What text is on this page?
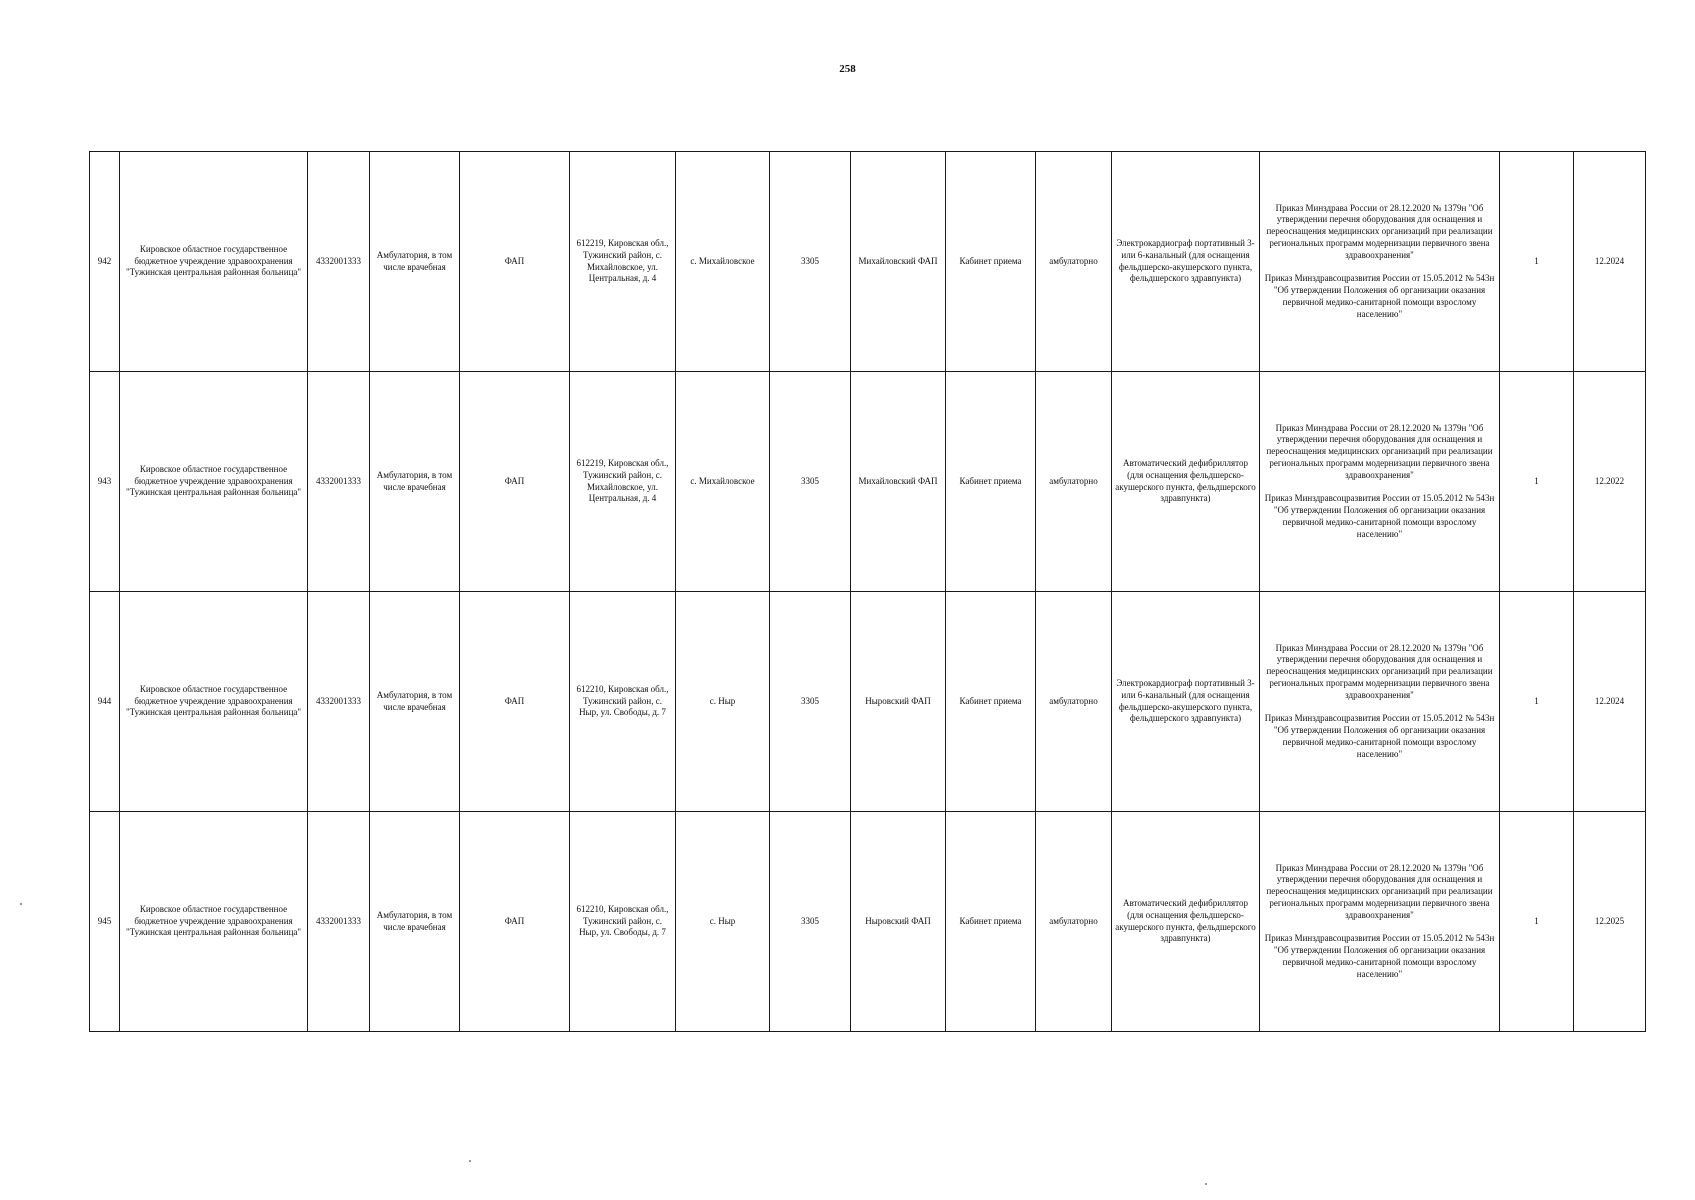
258
942	Кировское областное государственное бюджетное учреждение здравоохранения "Тужинская центральная районная больница"	4332001333	Амбулатория, в том числе врачебная	ФАП	612219, Кировская обл., Тужинский район, с. Михайловское, ул. Центральная, д. 4	с. Михайловское	3305	Михайловский ФАП	Кабинет приема	амбулаторно	Электрокардиограф портативный 3- или 6-канальный (для оснащения фельдшерско-акушерского пункта, фельдшерского здравпункта)	Приказ Минздрава России от 28.12.2020 № 1379н "Об утверждении перечня оборудования для оснащения и переоснащения медицинских организаций при реализации региональных программ модернизации первичного звена здравоохранения"
Приказ Минздравсоцразвития России от 15.05.2012 № 543н "Об утверждении Положения об организации оказания первичной медико-санитарной помощи взрослому населению"	1	12.2024
943	Кировское областное государственное бюджетное учреждение здравоохранения "Тужинская центральная районная больница"	4332001333	Амбулатория, в том числе врачебная	ФАП	612219, Кировская обл., Тужинский район, с. Михайловское, ул. Центральная, д. 4	с. Михайловское	3305	Михайловский ФАП	Кабинет приема	амбулаторно	Автоматический дефибриллятор (для оснащения фельдшерско-акушерского пункта, фельдшерского здравпункта)	Приказ Минздрава России от 28.12.2020 № 1379н "Об утверждении перечня оборудования для оснащения и переоснащения медицинских организаций при реализации региональных программ модернизации первичного звена здравоохранения"
Приказ Минздравсоцразвития России от 15.05.2012 № 543н "Об утверждении Положения об организации оказания первичной медико-санитарной помощи взрослому населению"	1	12.2022
944	Кировское областное государственное бюджетное учреждение здравоохранения "Тужинская центральная районная больница"	4332001333	Амбулатория, в том числе врачебная	ФАП	612210, Кировская обл., Тужинский район, с. Ныр, ул. Свободы, д. 7	с. Ныр	3305	Ныровский ФАП	Кабинет приема	амбулаторно	Электрокардиограф портативный 3- или 6-канальный (для оснащения фельдшерско-акушерского пункта, фельдшерского здравпункта)	Приказ Минздрава России от 28.12.2020 № 1379н "Об утверждении перечня оборудования для оснащения и переоснащения медицинских организаций при реализации региональных программ модернизации первичного звена здравоохранения"
Приказ Минздравсоцразвития России от 15.05.2012 № 543н "Об утверждении Положения об организации оказания первичной медико-санитарной помощи взрослому населению"	1	12.2024
945	Кировское областное государственное бюджетное учреждение здравоохранения "Тужинская центральная районная больница"	4332001333	Амбулатория, в том числе врачебная	ФАП	612210, Кировская обл., Тужинский район, с. Ныр, ул. Свободы, д. 7	с. Ныр	3305	Ныровский ФАП	Кабинет приема	амбулаторно	Автоматический дефибриллятор (для оснащения фельдшерско-акушерского пункта, фельдшерского здравпункта)	Приказ Минздрава России от 28.12.2020 № 1379н "Об утверждении перечня оборудования для оснащения и переоснащения медицинских организаций при реализации региональных программ модернизации первичного звена здравоохранения"
Приказ Минздравсоцразвития России от 15.05.2012 № 543н "Об утверждении Положения об организации оказания первичной медико-санитарной помощи взрослому населению"	1	12.2025
